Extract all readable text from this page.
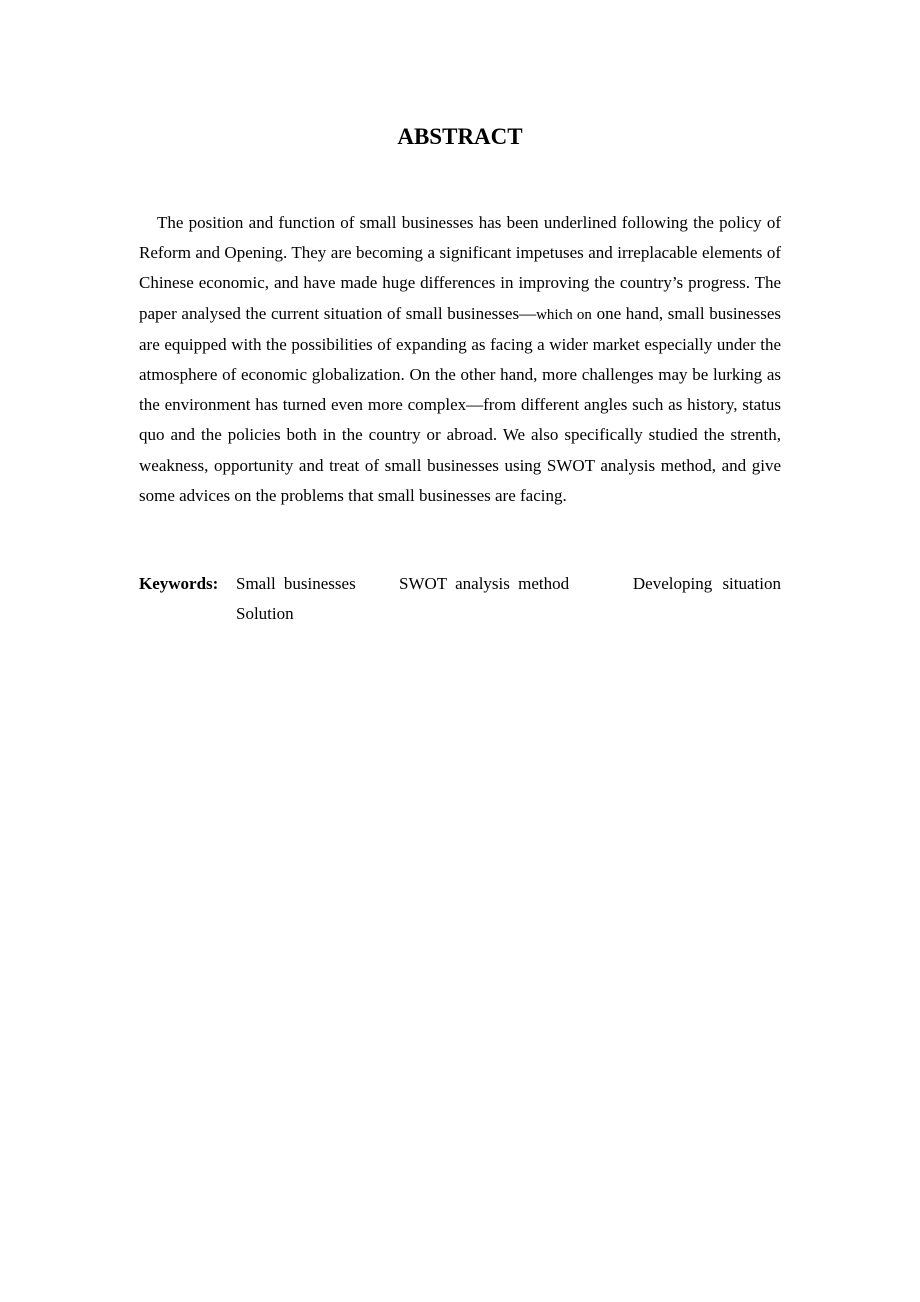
ABSTRACT

The position and function of small businesses has been underlined following the policy of Reform and Opening. They are becoming a significant impetuses and irreplacable elements of Chinese economic, and have made huge differences in improving the country’s progress. The paper analysed the current situation of small businesses—which on one hand, small businesses are equipped with the possibilities of expanding as facing a wider market especially under the atmosphere of economic globalization. On the other hand, more challenges may be lurking as the environment has turned even more complex—from different angles such as history, status quo and the policies both in the country or abroad. We also specifically studied the strenth, weakness, opportunity and treat of small businesses using SWOT analysis method, and give some advices on the problems that small businesses are facing.

Keywords: Small businesses	SWOT analysis method	Developing situation
Solution
